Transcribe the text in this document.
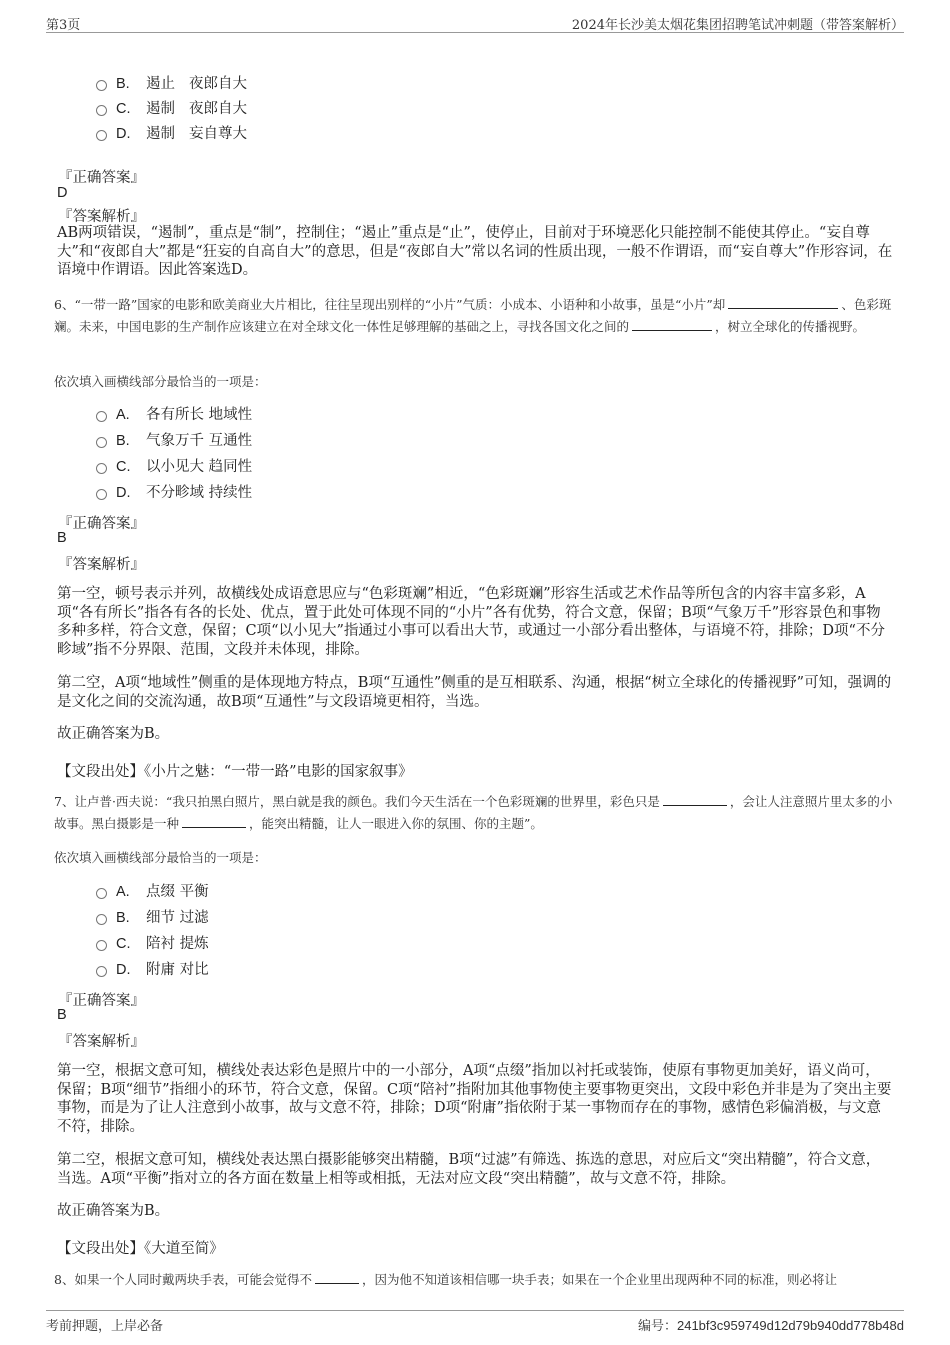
第3页	2024年长沙美太烟花集团招聘笔试冲刺题（带答案解析）
B. 遏止 夜郎自大
C. 遏制 夜郎自大
D. 遏制 妄自尊大
『正确答案』
D
『答案解析』
AB两项错误，“遏制”，重点是“制”，控制住；“遏止”重点是“止”，使停止，目前对于环境恶化只能控制不能使其停止。“妄自尊大”和“夜郎自大”都是“狂妄的自高自大”的意思，但是“夜郎自大”常以名词的性质出现，一般不作谓语，而“妄自尊大”作形容词，在语境中作谓语。因此答案选D。
6、“一带一路”国家的电影和欧美商业大片相比，往往呈现出别样的“小片”气质：小成本、小语种和小故事，虽是“小片”却	、色彩斑斓。未来，中国电影的生产制作应该建立在对全球文化一体性足够理解的基础之上，寻找各国文化之间的	，树立全球化的传播视野。
依次填入画横线部分最恰当的一项是：
A. 各有所长 地域性
B. 气象万千 互通性
C. 以小见大 趋同性
D. 不分畛域 持续性
『正确答案』
B
『答案解析』
第一空，顿号表示并列，故横线处成语意思应与“色彩斑斓”相近，“色彩斑斓”形容生活或艺术作品等所包含的内容丰富多彩，A项“各有所长”指各有各的长处、优点，置于此处可体现不同的“小片”各有优势，符合文意，保留；B项“气象万千”形容景色和事物多种多样，符合文意，保留；C项“以小见大”指通过小事可以看出大节，或通过一小部分看出整体，与语境不符，排除；D项“不分畛域”指不分界限、范围，文段并未体现，排除。
第二空，A项“地域性”侧重的是体现地方特点，B项“互通性”侧重的是互相联系、沟通，根据“树立全球化的传播视野”可知，强调的是文化之间的交流沟通，故B项“互通性”与文段语境更相符，当选。
故正确答案为B。
【文段出处】《小片之魅：“一带一路”电影的国家叙事》
7、让卢普·西夫说：“我只拍黑白照片，黑白就是我的颜色。我们今天生活在一个色彩斑斓的世界里，彩色只是	，会让人注意照片里太多的小故事。黑白摄影是一种	，能突出精髓，让人一眼进入你的氛围、你的主题”。
依次填入画横线部分最恰当的一项是：
A. 点缀 平衡
B. 细节 过滤
C. 陪衬 提炼
D. 附庸 对比
『正确答案』
B
『答案解析』
第一空，根据文意可知，横线处表达彩色是照片中的一小部分，A项“点缀”指加以衬托或装饰，使原有事物更加美好，语义尚可，保留；B项“细节”指细小的环节，符合文意，保留。C项“陪衬”指附加其他事物使主要事物更突出，文段中彩色并非是为了突出主要事物，而是为了让人注意到小故事，故与文意不符，排除；D项“附庸”指依附于某一事物而存在的事物，感情色彩偏消极，与文意不符，排除。
第二空，根据文意可知，横线处表达黑白摄影能够突出精髓，B项“过滤”有筛选、拣选的意思，对应后文“突出精髓”，符合文意，当选。A项“平衡”指对立的各方面在数量上相等或相抵，无法对应文段“突出精髓”，故与文意不符，排除。
故正确答案为B。
【文段出处】《大道至简》
8、如果一个人同时戴两块手表，可能会觉得不	，因为他不知道该相信哪一块手表；如果在一个企业里出现两种不同的标准，则必将让
考前押题，上岸必备	编号：241bf3c959749d12d79b940dd778b48d
